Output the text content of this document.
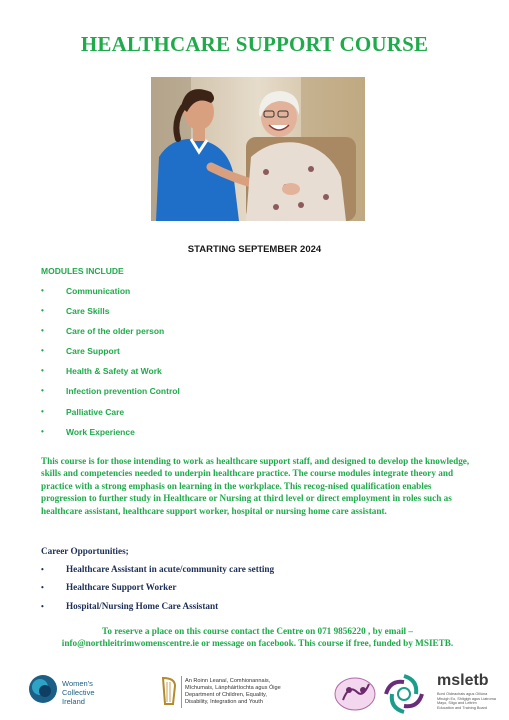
HEALTHCARE SUPPORT COURSE
STARTING SEPTEMBER 2024
MODULES INCLUDE
•	Communication
•	Care Skills
•	Care of the older person
•	Care Support
•	Health & Safety at Work
•	Infection prevention Control
•	Palliative Care
•	Work Experience
This course is for those intending to work as healthcare support staff, and designed to develop the knowledge, skills and competencies needed to underpin healthcare practice. The course modules integrate theory and practice with a strong emphasis on learning in the workplace. This recog-nised qualification enables progression to further study in Healthcare or Nursing at third level or direct employment in roles such as healthcare assistant, healthcare support worker, hospital or nursing home care assistant.
Career Opportunities;
• Healthcare Assistant in acute/community care setting
• Healthcare Support Worker
• Hospital/Nursing Home Care Assistant
To reserve a place on this course contact the Centre on 071 9856220 , by email – info@northleitrimwomenscentre.ie or message on facebook. This course if free, funded by MSIETB.
Women's
Collective
Ireland
An Roinn Leanaí, Comhionannais,
Míchumais, Lánpháirtíochta agus Óige
Department of Children, Equality,
Disability, Integration and Youth
msletb
Bord Oideachais agus Oiliúna
Mhuigh Eo, Shligigh agus Liatroma
Mayo, Sligo and Leitrim
Education and Training Board
